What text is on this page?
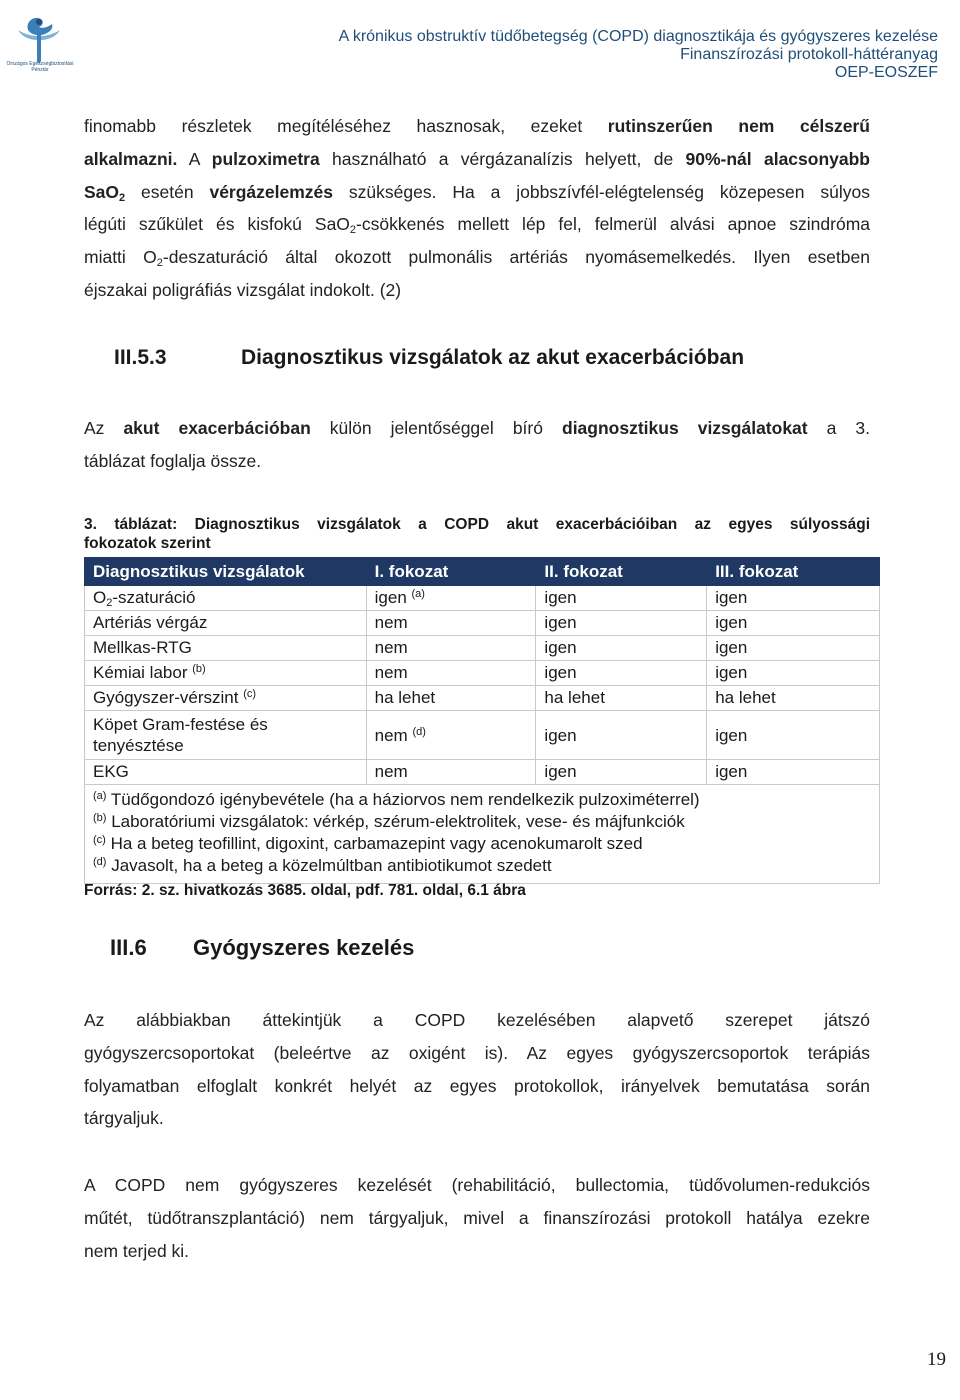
Országos Egészségbiztosítási Pénztár
A krónikus obstruktív tüdőbetegség (COPD) diagnosztikája és gyógyszeres kezelése
Finanszírozási protokoll-háttéranyag
OEP-EOSZEF
finomabb részletek megítéléséhez hasznosak, ezeket rutinszerűen nem célszerű
alkalmazni. A pulzoximetra használható a vérgázanalízis helyett, de 90%-nál alacsonyabb
SaO$_2$ esetén vérgázelemzés szükséges. Ha a jobbszívfél-elégtelenség közepesen súlyos
légúti szűkület és kisfokú SaO$_2$-csökkenés mellett lép fel, felmerül alvási apnoe szindróma
miatti $O_2$-deszaturáció által okozott pulmonális artériás nyomásemelkedés. Ilyen esetben
éjszakai poligráfiás vizsgálat indokolt. (2)
III.5.3	Diagnosztikus vizsgálatok az akut exacerbációban
Az akut exacerbációban külön jelentőséggel bíró diagnosztikus vizsgálatokat a 3.
táblázat foglalja össze.
3. táblázat: Diagnosztikus vizsgálatok a COPD akut exacerbációiban az egyes súlyossági
fokozatok szerint
Diagnosztikus vizsgálatok	I. fokozat	II. fokozat	III. fokozat
$O_2$-szaturáció	igen $^{(a)}$	igen	igen
Artériás vérgáz	nem	igen	igen
Mellkas-RTG	nem	igen	igen
Kémiai labor $^{(b)}$	nem	igen	igen
Gyógyszer-vérszint $^{(c)}$	ha lehet	ha lehet	ha lehet
Köpet Gram-festése és
tenyésztése	nem $^{(d)}$	igen	igen
EKG	nem	igen	igen

$^{(a)}$ Tüdőgondozó igénybevétele (ha a háziorvos nem rendelkezik pulzoximéterrel)
$^{(b)}$ Laboratóriumi vizsgálatok: vérkép, szérum-elektrolitek, vese- és májfunkciók
$^{(c)}$ Ha a beteg teofillint, digoxint, carbamazepint vagy acenokumarolt szed
$^{(d)}$ Javasolt, ha a beteg a közelmúltban antibiotikumot szedett			
Forrás: 2. sz. hivatkozás 3685. oldal, pdf. 781. oldal, 6.1 ábra
III.6 Gyógyszeres kezelés
Az alábbiakban áttekintjük a COPD kezelésében alapvető szerepet játszó
gyógyszercsoportokat (beleértve az oxigént is). Az egyes gyógyszercsoportok terápiás
folyamatban elfoglalt konkrét helyét az egyes protokollok, irányelvek bemutatása során
tárgyaljuk.
A COPD nem gyógyszeres kezelését (rehabilitáció, bullectomia, tüdővolumen-redukciós
műtét, tüdőtranszplantáció) nem tárgyaljuk, mivel a finanszírozási protokoll hatálya ezekre
nem terjed ki.
19
